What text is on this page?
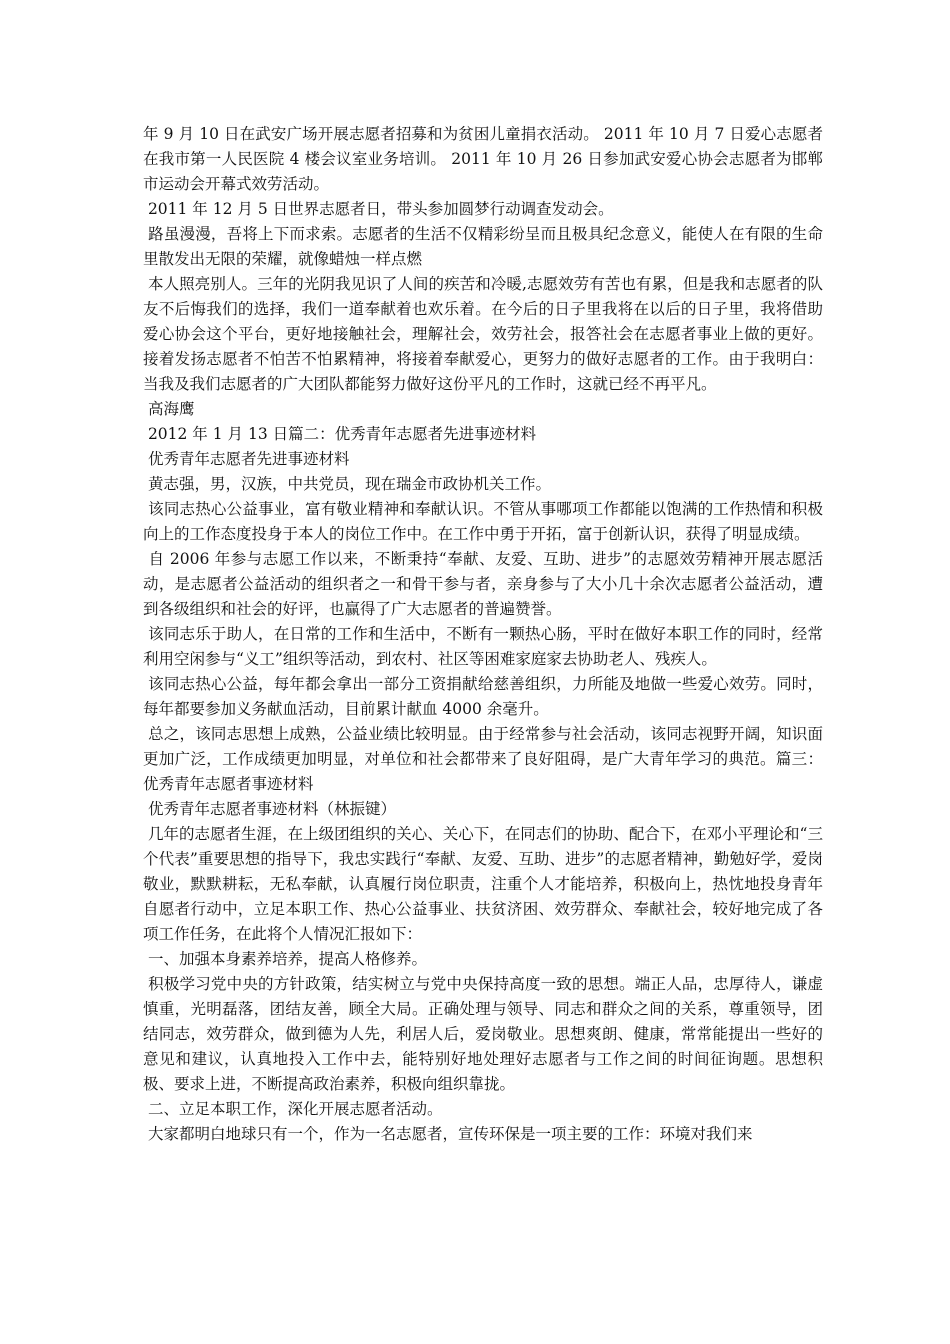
年 9 月 10 日在武安广场开展志愿者招募和为贫困儿童捐衣活动。 2011 年 10 月 7 日爱心志愿者在我市第一人民医院 4 楼会议室业务培训。 2011 年 10 月 26 日参加武安爱心协会志愿者为邯郸市运动会开幕式效劳活动。

2011 年 12 月 5 日世界志愿者日，带头参加圆梦行动调查发动会。

路虽漫漫，吾将上下而求索。志愿者的生活不仅精彩纷呈而且极具纪念意义，能使人在有限的生命里散发出无限的荣耀，就像蜡烛一样点燃

本人照亮别人。三年的光阴我见识了人间的疾苦和冷暖,志愿效劳有苦也有累，但是我和志愿者的队友不后悔我们的选择，我们一道奉献着也欢乐着。在今后的日子里我将在以后的日子里，我将借助爱心协会这个平台，更好地接触社会，理解社会，效劳社会，报答社会在志愿者事业上做的更好。接着发扬志愿者不怕苦不怕累精神，将接着奉献爱心，更努力的做好志愿者的工作。由于我明白：当我及我们志愿者的广大团队都能努力做好这份平凡的工作时，这就已经不再平凡。

高海鹰

2012 年 1 月 13 日篇二：优秀青年志愿者先进事迹材料

优秀青年志愿者先进事迹材料

黄志强，男，汉族，中共党员，现在瑞金市政协机关工作。

该同志热心公益事业，富有敬业精神和奉献认识。不管从事哪项工作都能以饱满的工作热情和积极向上的工作态度投身于本人的岗位工作中。在工作中勇于开拓，富于创新认识，获得了明显成绩。

自 2006 年参与志愿工作以来，不断秉持“奉献、友爱、互助、进步”的志愿效劳精神开展志愿活动，是志愿者公益活动的组织者之一和骨干参与者，亲身参与了大小几十余次志愿者公益活动，遭到各级组织和社会的好评，也赢得了广大志愿者的普遍赞誉。

该同志乐于助人，在日常的工作和生活中，不断有一颗热心肠，平时在做好本职工作的同时，经常利用空闲参与“义工”组织等活动，到农村、社区等困难家庭家去协助老人、残疾人。

该同志热心公益，每年都会拿出一部分工资捐献给慈善组织，力所能及地做一些爱心效劳。同时，每年都要参加义务献血活动，目前累计献血 4000 余毫升。

总之，该同志思想上成熟，公益业绩比较明显。由于经常参与社会活动，该同志视野开阔，知识面更加广泛，工作成绩更加明显，对单位和社会都带来了良好阻碍，是广大青年学习的典范。篇三：优秀青年志愿者事迹材料

优秀青年志愿者事迹材料（林振键）

几年的志愿者生涯，在上级团组织的关心、关心下，在同志们的协助、配合下，在邓小平理论和“三个代表”重要思想的指导下，我忠实践行“奉献、友爱、互助、进步”的志愿者精神，勤勉好学，爱岗敬业，默默耕耘，无私奉献，认真履行岗位职责，注重个人才能培养，积极向上，热忱地投身青年自愿者行动中，立足本职工作、热心公益事业、扶贫济困、效劳群众、奉献社会，较好地完成了各项工作任务，在此将个人情况汇报如下：

一、加强本身素养培养，提高人格修养。

积极学习党中央的方针政策，结实树立与党中央保持高度一致的思想。端正人品，忠厚待人，谦虚慎重，光明磊落，团结友善，顾全大局。正确处理与领导、同志和群众之间的关系，尊重领导，团结同志，效劳群众，做到德为人先，利居人后，爱岗敬业。思想爽朗、健康，常常能提出一些好的意见和建议，认真地投入工作中去，能特别好地处理好志愿者与工作之间的时间征询题。思想积极、要求上进，不断提高政治素养，积极向组织靠拢。

二、立足本职工作，深化开展志愿者活动。

大家都明白地球只有一个，作为一名志愿者，宣传环保是一项主要的工作：环境对我们来
